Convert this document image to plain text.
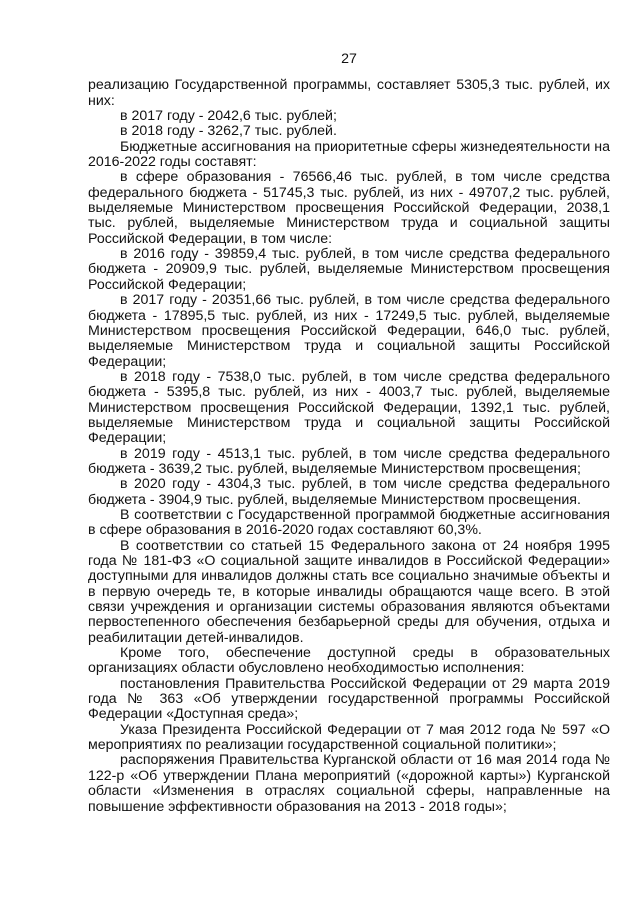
27

реализацию Государственной программы, составляет 5305,3 тыс. рублей, их них:

в 2017 году - 2042,6 тыс. рублей;

в 2018 году - 3262,7 тыс. рублей.

Бюджетные ассигнования на приоритетные сферы жизнедеятельности на 2016-2022 годы составят:

в сфере образования - 76566,46 тыс. рублей, в том числе средства федерального бюджета - 51745,3 тыс. рублей, из них - 49707,2 тыс. рублей, выделяемые Министерством просвещения Российской Федерации, 2038,1 тыс. рублей, выделяемые Министерством труда и социальной защиты Российской Федерации, в том числе:

в 2016 году - 39859,4 тыс. рублей, в том числе средства федерального бюджета - 20909,9 тыс. рублей, выделяемые Министерством просвещения Российской Федерации;

в 2017 году - 20351,66 тыс. рублей, в том числе средства федерального бюджета - 17895,5 тыс. рублей, из них - 17249,5 тыс. рублей, выделяемые Министерством просвещения Российской Федерации, 646,0 тыс. рублей, выделяемые Министерством труда и социальной защиты Российской Федерации;

в 2018 году - 7538,0 тыс. рублей, в том числе средства федерального бюджета - 5395,8 тыс. рублей, из них - 4003,7 тыс. рублей, выделяемые Министерством просвещения Российской Федерации, 1392,1 тыс. рублей, выделяемые Министерством труда и социальной защиты Российской Федерации;

в 2019 году - 4513,1 тыс. рублей, в том числе средства федерального бюджета - 3639,2 тыс. рублей, выделяемые Министерством просвещения;

в 2020 году - 4304,3 тыс. рублей, в том числе средства федерального бюджета - 3904,9 тыс. рублей, выделяемые Министерством просвещения.

В соответствии с Государственной программой бюджетные ассигнования в сфере образования в 2016-2020 годах составляют 60,3%.

В соответствии со статьей 15 Федерального закона от 24 ноября 1995 года № 181-ФЗ «О социальной защите инвалидов в Российской Федерации» доступными для инвалидов должны стать все социально значимые объекты и в первую очередь те, в которые инвалиды обращаются чаще всего. В этой связи учреждения и организации системы образования являются объектами первостепенного обеспечения безбарьерной среды для обучения, отдыха и реабилитации детей-инвалидов.

Кроме того, обеспечение доступной среды в образовательных организациях области обусловлено необходимостью исполнения:

постановления Правительства Российской Федерации от 29 марта 2019 года № 363 «Об утверждении государственной программы Российской Федерации «Доступная среда»;

Указа Президента Российской Федерации от 7 мая 2012 года № 597 «О мероприятиях по реализации государственной социальной политики»;

распоряжения Правительства Курганской области от 16 мая 2014 года № 122-р «Об утверждении Плана мероприятий («дорожной карты») Курганской области «Изменения в отраслях социальной сферы, направленные на повышение эффективности образования на 2013 - 2018 годы»;
